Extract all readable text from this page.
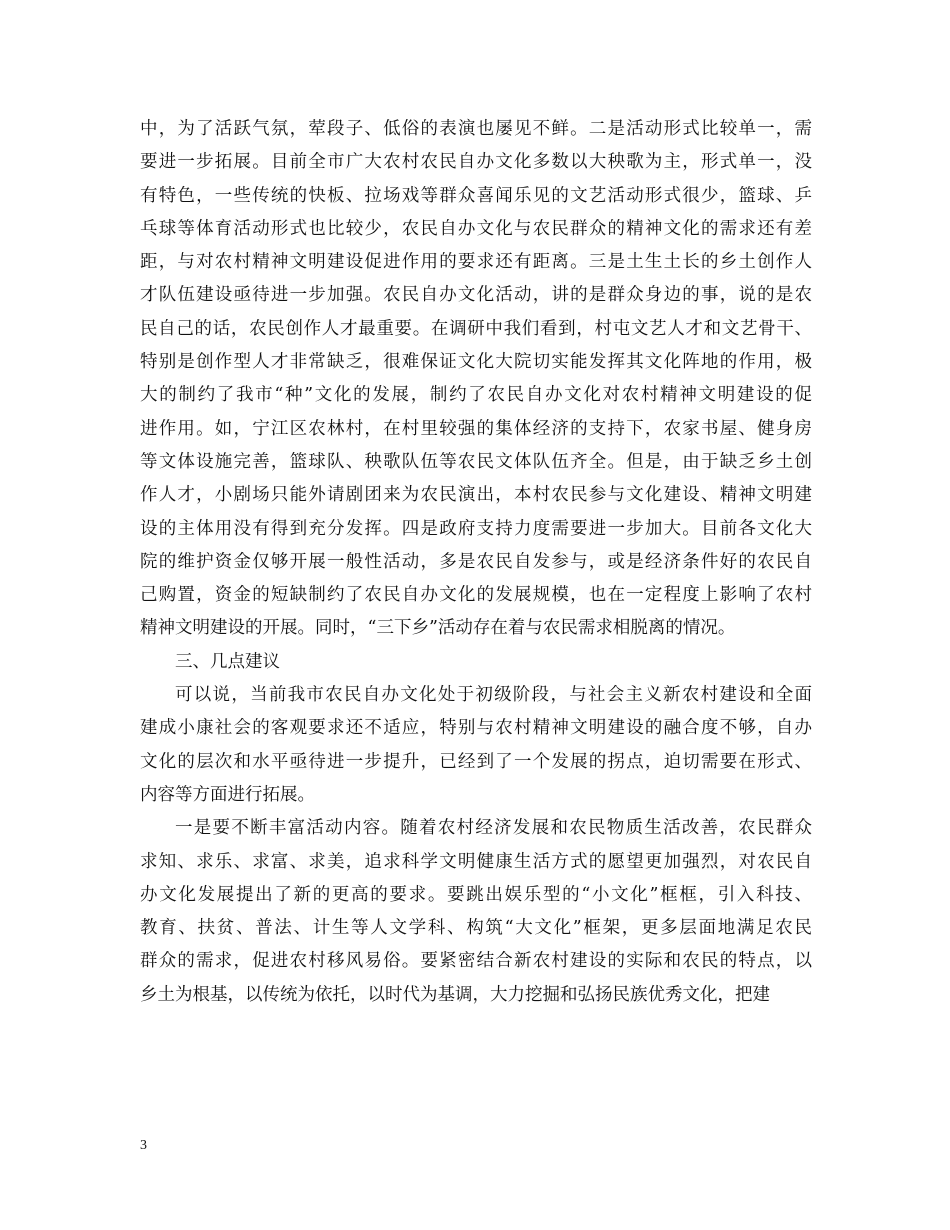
中，为了活跃气氛，荤段子、低俗的表演也屡见不鲜。二是活动形式比较单一，需
要进一步拓展。目前全市广大农村农民自办文化多数以大秧歌为主，形式单一，没
有特色，一些传统的快板、拉场戏等群众喜闻乐见的文艺活动形式很少，篮球、乒
乓球等体育活动形式也比较少，农民自办文化与农民群众的精神文化的需求还有差
距，与对农村精神文明建设促进作用的要求还有距离。三是土生土长的乡土创作人
才队伍建设亟待进一步加强。农民自办文化活动，讲的是群众身边的事，说的是农
民自己的话，农民创作人才最重要。在调研中我们看到，村屯文艺人才和文艺骨干、
特别是创作型人才非常缺乏，很难保证文化大院切实能发挥其文化阵地的作用，极
大的制约了我市“种”文化的发展，制约了农民自办文化对农村精神文明建设的促
进作用。如，宁江区农林村，在村里较强的集体经济的支持下，农家书屋、健身房
等文体设施完善，篮球队、秧歌队伍等农民文体队伍齐全。但是，由于缺乏乡土创
作人才，小剧场只能外请剧团来为农民演出，本村农民参与文化建设、精神文明建
设的主体用没有得到充分发挥。四是政府支持力度需要进一步加大。目前各文化大
院的维护资金仅够开展一般性活动，多是农民自发参与，或是经济条件好的农民自
己购置，资金的短缺制约了农民自办文化的发展规模，也在一定程度上影响了农村
精神文明建设的开展。同时，“三下乡”活动存在着与农民需求相脱离的情况。
三、几点建议
可以说，当前我市农民自办文化处于初级阶段，与社会主义新农村建设和全面
建成小康社会的客观要求还不适应，特别与农村精神文明建设的融合度不够，自办
文化的层次和水平亟待进一步提升，已经到了一个发展的拐点，迫切需要在形式、
内容等方面进行拓展。
一是要不断丰富活动内容。随着农村经济发展和农民物质生活改善，农民群众
求知、求乐、求富、求美，追求科学文明健康生活方式的愿望更加强烈，对农民自
办文化发展提出了新的更高的要求。要跳出娱乐型的“小文化”框框，引入科技、
教育、扶贫、普法、计生等人文学科、构筑“大文化”框架，更多层面地满足农民
群众的需求，促进农村移风易俗。要紧密结合新农村建设的实际和农民的特点，以
乡土为根基，以传统为依托，以时代为基调，大力挖掘和弘扬民族优秀文化，把建
3
